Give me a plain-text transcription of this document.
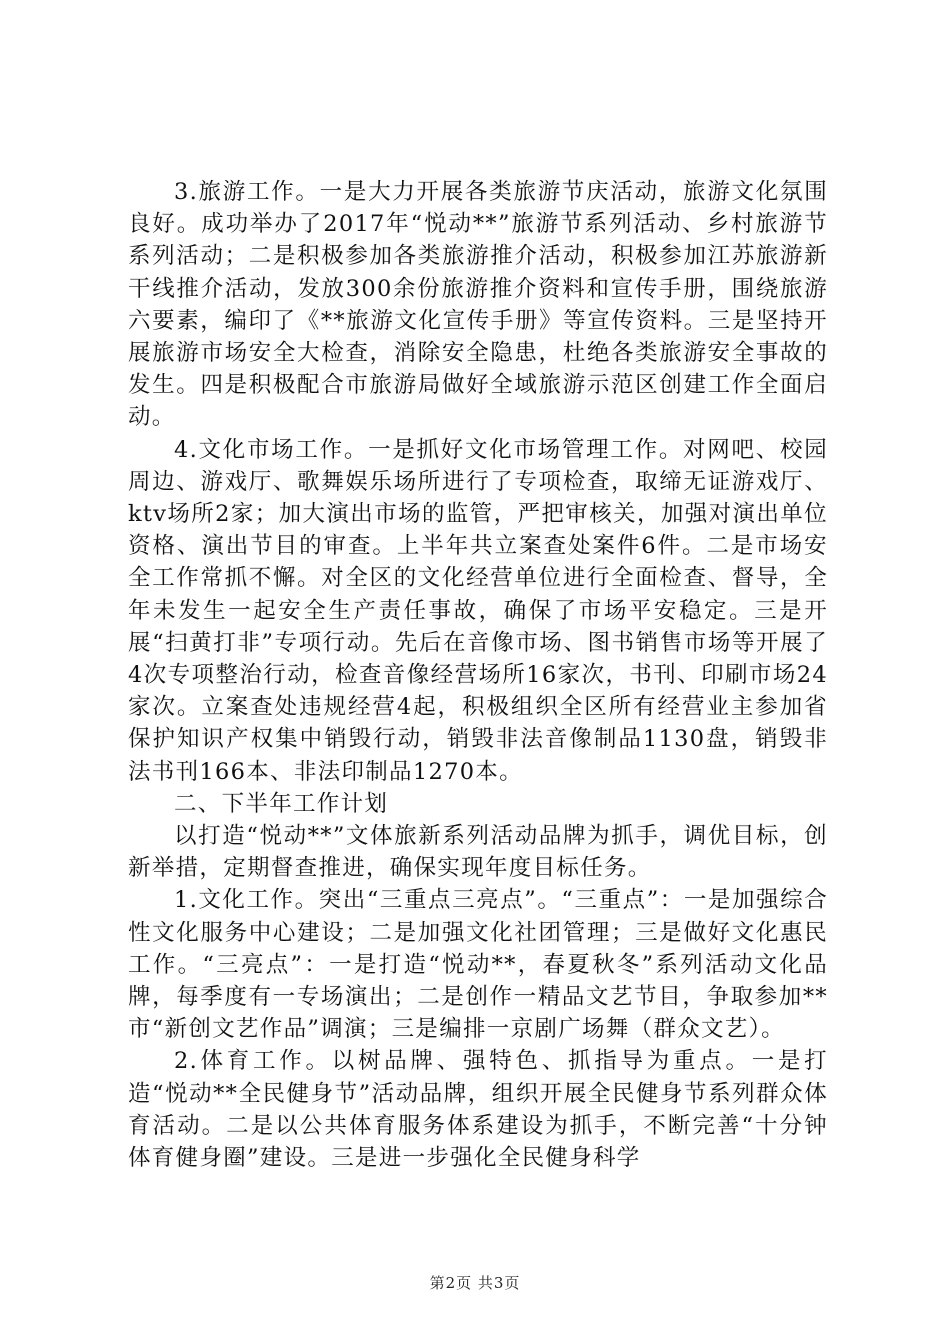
3.旅游工作。一是大力开展各类旅游节庆活动，旅游文化氛围良好。成功举办了2017年“悦动**”旅游节系列活动、乡村旅游节系列活动；二是积极参加各类旅游推介活动，积极参加江苏旅游新干线推介活动，发放300余份旅游推介资料和宣传手册，围绕旅游六要素，编印了《**旅游文化宣传手册》等宣传资料。三是坚持开展旅游市场安全大检查，消除安全隐患，杜绝各类旅游安全事故的发生。四是积极配合市旅游局做好全域旅游示范区创建工作全面启动。

4.文化市场工作。一是抓好文化市场管理工作。对网吧、校园周边、游戏厅、歌舞娱乐场所进行了专项检查，取缔无证游戏厅、ktv场所2家；加大演出市场的监管，严把审核关，加强对演出单位资格、演出节目的审查。上半年共立案查处案件6件。二是市场安全工作常抓不懈。对全区的文化经营单位进行全面检查、督导，全年未发生一起安全生产责任事故，确保了市场平安稳定。三是开展“扫黄打非”专项行动。先后在音像市场、图书销售市场等开展了4次专项整治行动，检查音像经营场所16家次，书刊、印刷市场24家次。立案查处违规经营4起，积极组织全区所有经营业主参加省保护知识产权集中销毁行动，销毁非法音像制品1130盘，销毁非法书刊166本、非法印制品1270本。

二、下半年工作计划

以打造“悦动**”文体旅新系列活动品牌为抓手，调优目标，创新举措，定期督查推进，确保实现年度目标任务。

1.文化工作。突出“三重点三亮点”。“三重点”：一是加强综合性文化服务中心建设；二是加强文化社团管理；三是做好文化惠民工作。“三亮点”：一是打造“悦动**，春夏秋冬”系列活动文化品牌，每季度有一专场演出；二是创作一精品文艺节目，争取参加**市“新创文艺作品”调演；三是编排一京剧广场舞（群众文艺）。

2.体育工作。以树品牌、强特色、抓指导为重点。一是打造“悦动**全民健身节”活动品牌，组织开展全民健身节系列群众体育活动。二是以公共体育服务体系建设为抓手，不断完善“十分钟体育健身圈”建设。三是进一步强化全民健身科学

第2页 共3页
